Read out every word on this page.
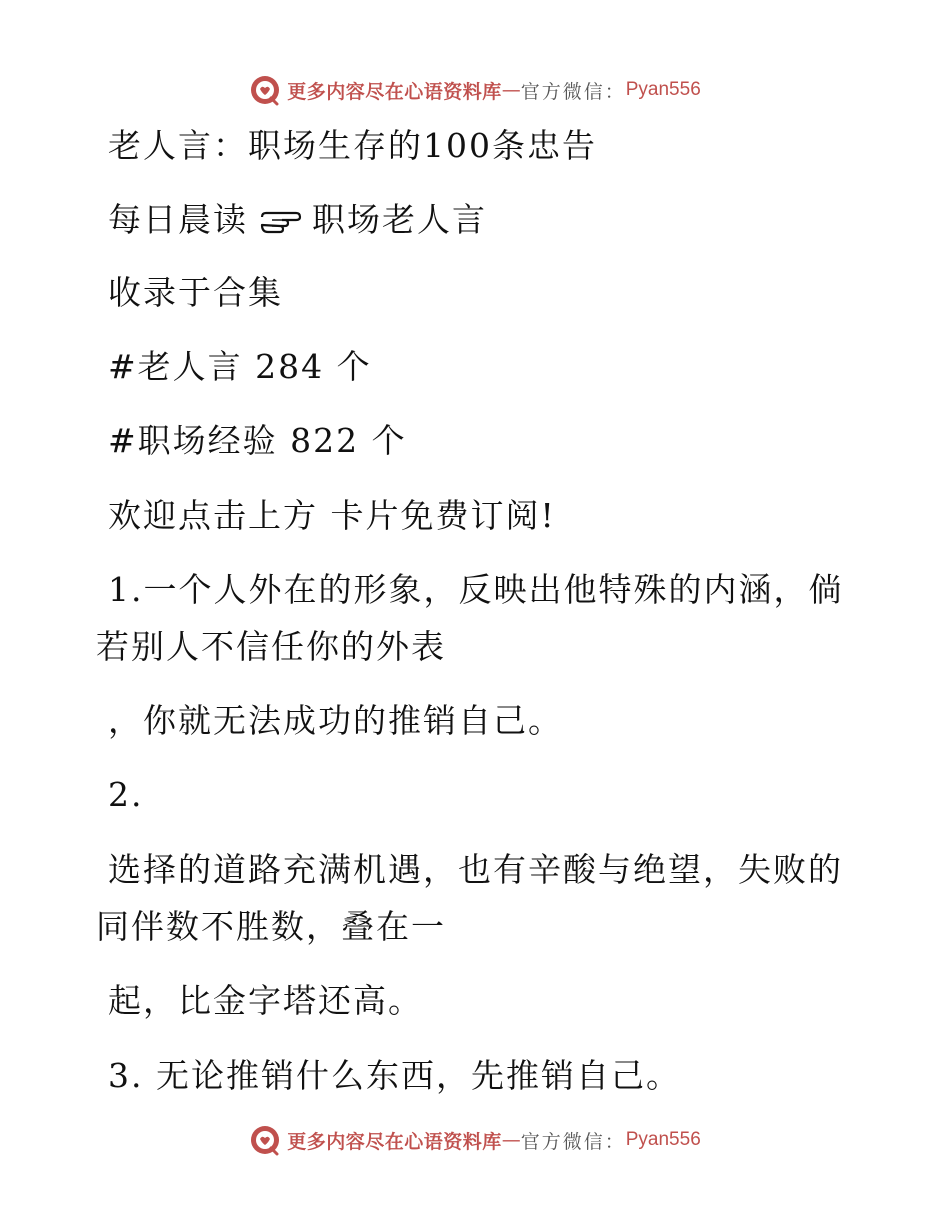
更多内容尽在心语资料库 — 官方微信： Pyan556
老人言：职场生存的100条忠告
每日晨读 职场老人言
收录于合集
#老人言 284 个
#职场经验 822 个
欢迎点击上方 卡片免费订阅!
1.一个人外在的形象，反映出他特殊的内涵，倘
若别人不信任你的外表
，你就无法成功的推销自己。
2.
选择的道路充满机遇，也有辛酸与绝望，失败的
同伴数不胜数，叠在一
起，比金字塔还高。
3. 无论推销什么东西，先推销自己。
更多内容尽在心语资料库 — 官方微信： Pyan556
